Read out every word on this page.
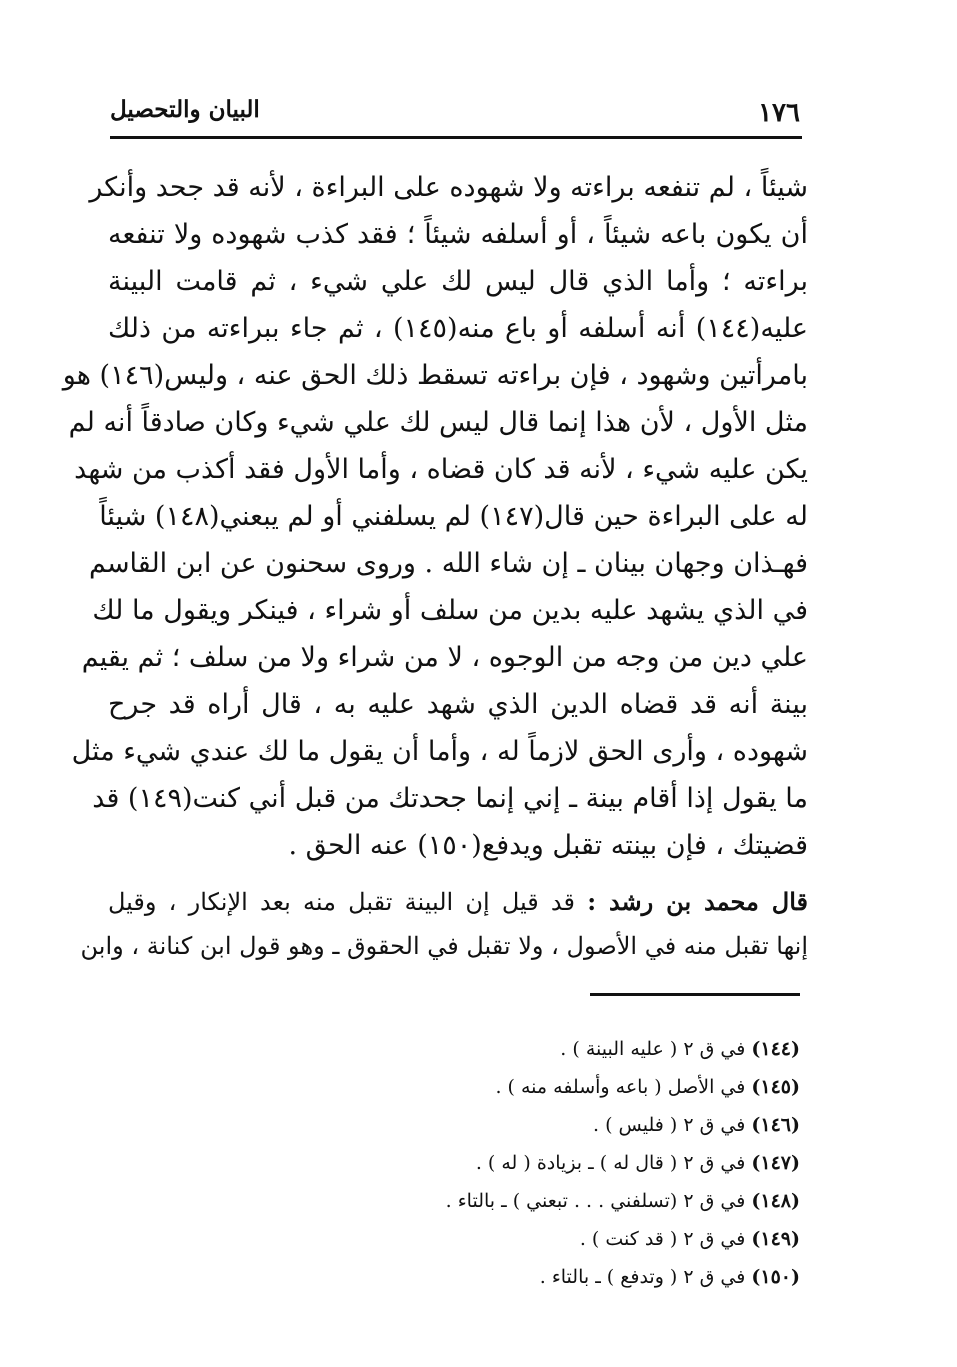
١٧٦
البيان والتحصيل
شيئاً ، لم تنفعه براءته ولا شهوده على البراءة ، لأنه قد جحد وأنكر
أن يكون باعه شيئاً ، أو أسلفه شيئاً ؛ فقد كذب شهوده ولا تنفعه
براءته ؛ وأما الذي قال ليس لك علي شيء ، ثم قامت البينة
عليه(١٤٤) أنه أسلفه أو باع منه(١٤٥) ، ثم جاء ببراءته من ذلك
بامرأتين وشهود ، فإن براءته تسقط ذلك الحق عنه ، وليس(١٤٦) هو
مثل الأول ، لأن هذا إنما قال ليس لك علي شيء وكان صادقاً أنه لم
يكن عليه شيء ، لأنه قد كان قضاه ، وأما الأول فقد أكذب من شهد
له على البراءة حين قال(١٤٧) لم يسلفني أو لم يبعني(١٤٨) شيئاً
فهـذان وجهان بينان ـ إن شاء الله . وروى سحنون عن ابن القاسم
في الذي يشهد عليه بدين من سلف أو شراء ، فينكر ويقول ما لك
علي دين من وجه من الوجوه ، لا من شراء ولا من سلف ؛ ثم يقيم
بينة أنه قد قضاه الدين الذي شهد عليه به ، قال أراه قد جرح
شهوده ، وأرى الحق لازماً له ، وأما أن يقول ما لك عندي شيء مثل
ما يقول إذا أقام بينة ـ إني إنما جحدتك من قبل أني كنت(١٤٩) قد
قضيتك ، فإن بينته تقبل ويدفع(١٥٠) عنه الحق .
قال محمد بن رشد : قد قيل إن البينة تقبل منه بعد الإنكار ، وقيل
إنها تقبل منه في الأصول ، ولا تقبل في الحقوق ـ وهو قول ابن كنانة ، وابن
(١٤٤) في ق ٢ ( عليه البينة ) .
(١٤٥) في الأصل ( باعه وأسلفه منه ) .
(١٤٦) في ق ٢ ( فليس ) .
(١٤٧) في ق ٢ ( قال له ) ـ بزيادة ( له ) .
(١٤٨) في ق ٢ (تسلفني . . . تبعني ) ـ بالتاء .
(١٤٩) في ق ٢ ( قد كنت ) .
(١٥٠) في ق ٢ ( وتدفع ) ـ بالتاء .
